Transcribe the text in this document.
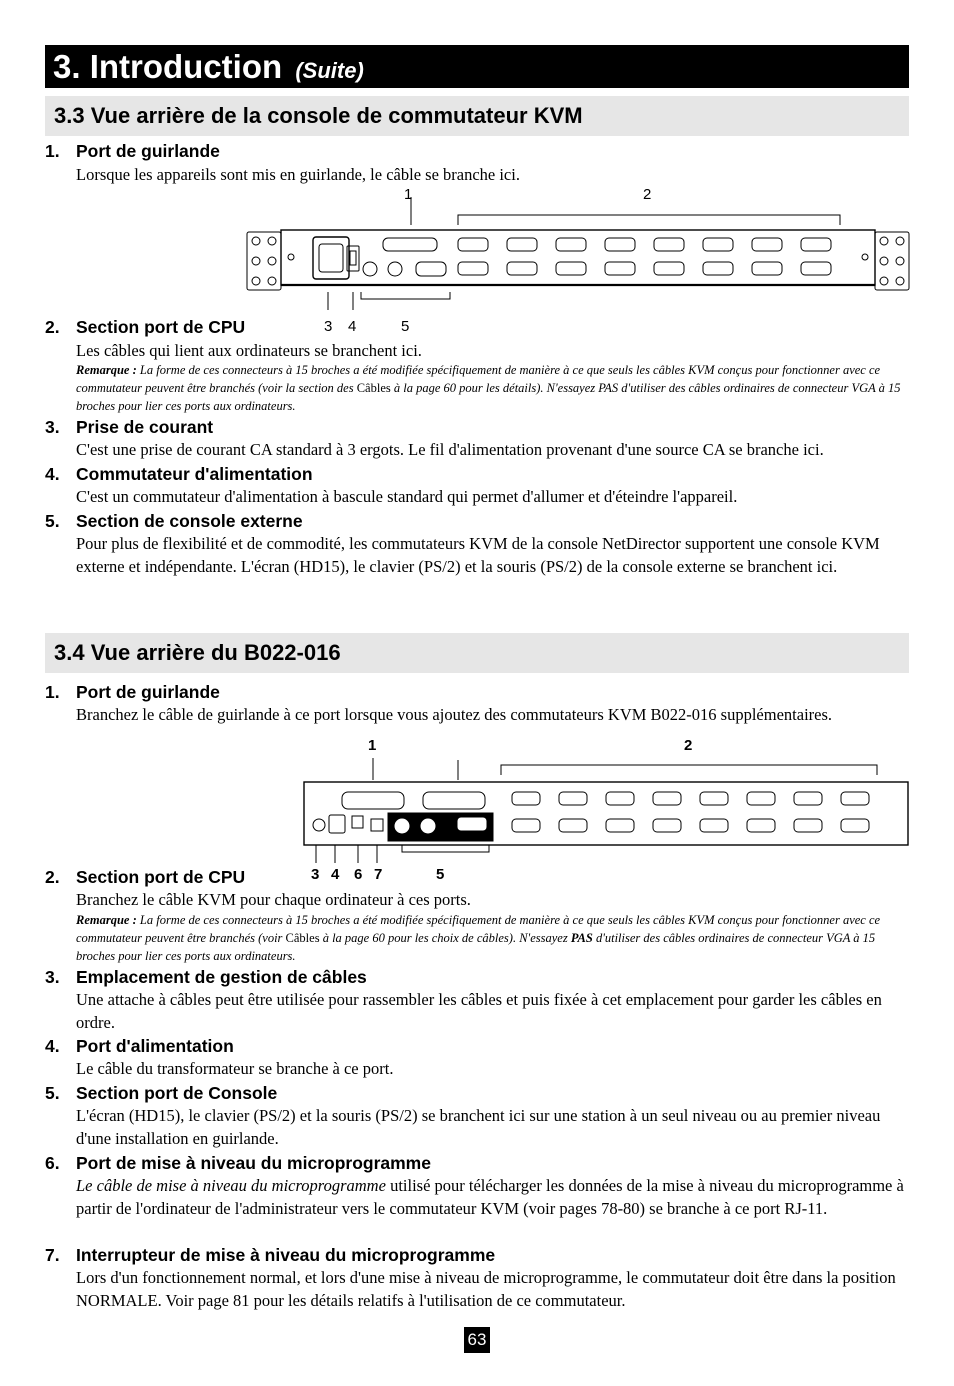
3. Introduction (Suite)
3.3 Vue arrière de la console de commutateur KVM
1. Port de guirlande
Lorsque les appareils sont mis en guirlande, le câble se branche ici.
1	2
3 4	5
2. Section port de CPU
Les câbles qui lient aux ordinateurs se branchent ici.
Remarque : La forme de ces connecteurs à 15 broches a été modifiée spécifiquement de manière à ce que seuls les câbles KVM conçus pour fonctionner avec ce commutateur peuvent être branchés (voir la section des Câbles à la page 60 pour les détails). N'essayez PAS d'utiliser des câbles ordinaires de connecteur VGA à 15 broches pour lier ces ports aux ordinateurs.
3. Prise de courant
C'est une prise de courant CA standard à 3 ergots. Le fil d'alimentation provenant d'une source CA se branche ici.
4. Commutateur d'alimentation
C'est un commutateur d'alimentation à bascule standard qui permet d'allumer et d'éteindre l'appareil.
5. Section de console externe
Pour plus de flexibilité et de commodité, les commutateurs KVM de la console NetDirector supportent une console KVM externe et indépendante. L'écran (HD15), le clavier (PS/2) et la souris (PS/2) de la console externe se branchent ici.
3.4 Vue arrière du B022-016
1. Port de guirlande
Branchez le câble de guirlande à ce port lorsque vous ajoutez des commutateurs KVM B022-016 supplémentaires.
1	2
3 4 6 7	5
2. Section port de CPU
Branchez le câble KVM pour chaque ordinateur à ces ports.
Remarque : La forme de ces connecteurs à 15 broches a été modifiée spécifiquement de manière à ce que seuls les câbles KVM conçus pour fonctionner avec ce commutateur peuvent être branchés (voir Câbles à la page 60 pour les choix de câbles). N'essayez PAS d'utiliser des câbles ordinaires de connecteur VGA à 15 broches pour lier ces ports aux ordinateurs.
3. Emplacement de gestion de câbles
Une attache à câbles peut être utilisée pour rassembler les câbles et puis fixée à cet emplacement pour garder les câbles en ordre.
4. Port d'alimentation
Le câble du transformateur se branche à ce port.
5. Section port de Console
L'écran (HD15), le clavier (PS/2) et la souris (PS/2) se branchent ici sur une station à un seul niveau ou au premier niveau d'une installation en guirlande.
6. Port de mise à niveau du microprogramme
Le câble de mise à niveau du microprogramme utilisé pour télécharger les données de la mise à niveau du microprogramme à partir de l'ordinateur de l'administrateur vers le commutateur KVM (voir pages 78-80) se branche à ce port RJ-11.
7. Interrupteur de mise à niveau du microprogramme
Lors d'un fonctionnement normal, et lors d'une mise à niveau de microprogramme, le commutateur doit être dans la position NORMALE. Voir page 81 pour les détails relatifs à l'utilisation de ce commutateur.
63
